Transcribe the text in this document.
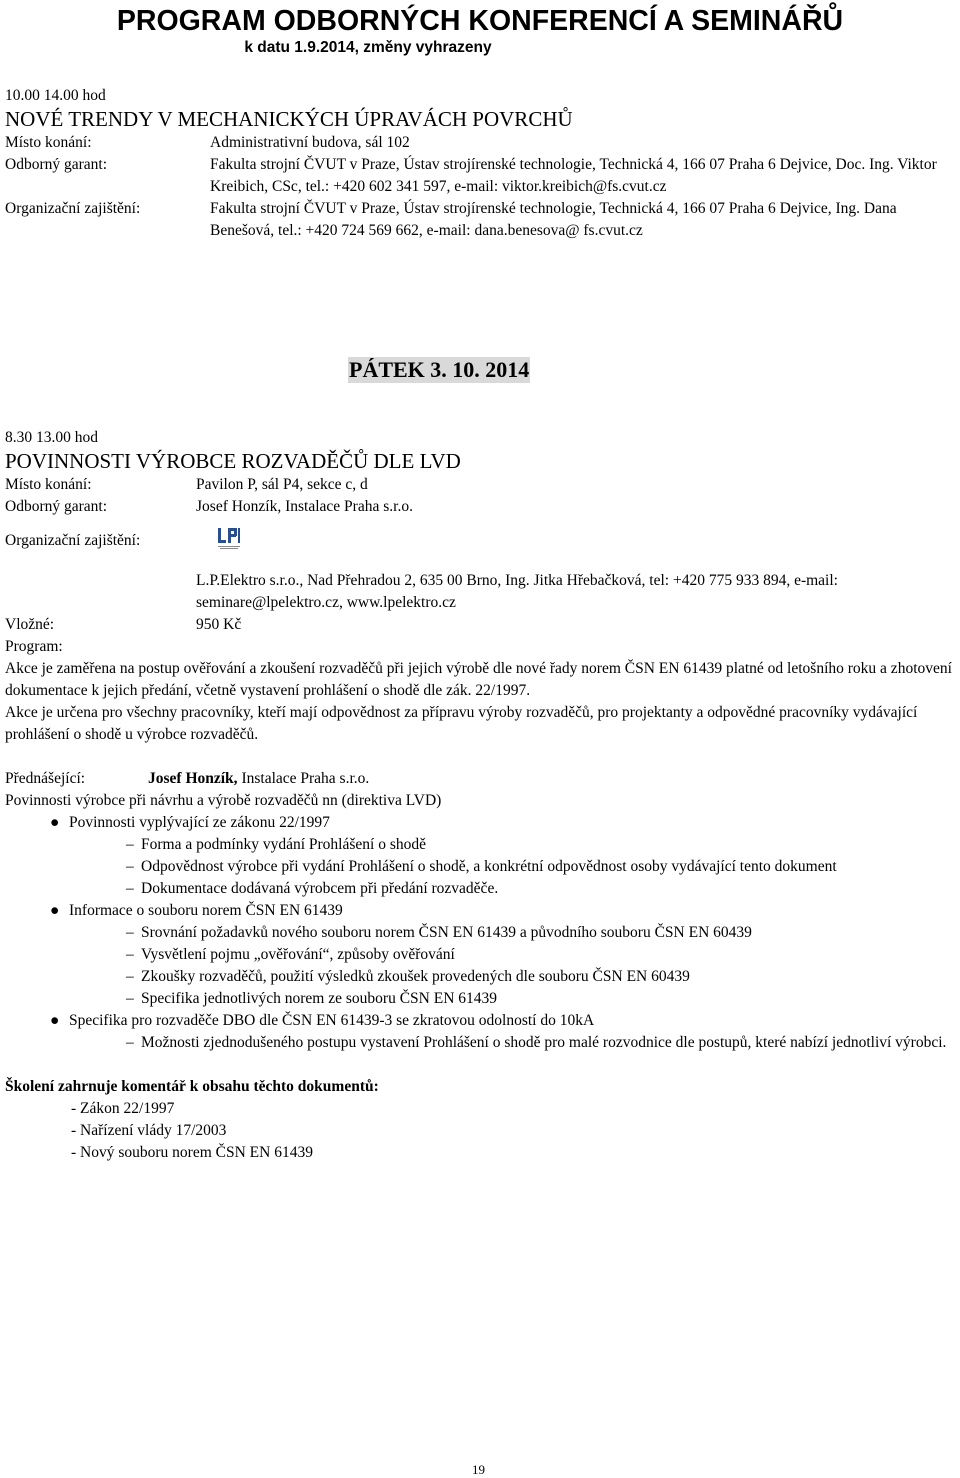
PROGRAM ODBORNÝCH KONFERENCÍ A SEMINÁŘŮ
k datu 1.9.2014, změny vyhrazeny
10.00 14.00 hod
NOVÉ TRENDY V MECHANICKÝCH ÚPRAVÁCH POVRCHŮ
Místo konání:	Administrativní budova, sál 102
Odborný garant:	Fakulta strojní ČVUT v Praze, Ústav strojírenské technologie, Technická 4, 166 07 Praha 6 Dejvice, Doc. Ing. Viktor Kreibich, CSc, tel.: +420 602 341 597, e-mail: viktor.kreibich@fs.cvut.cz
Organizační zajištění:	Fakulta strojní ČVUT v Praze, Ústav strojírenské technologie, Technická 4, 166 07 Praha 6 Dejvice, Ing. Dana Benešová, tel.: +420 724 569 662, e-mail: dana.benesova@ fs.cvut.cz
PÁTEK 3. 10. 2014
8.30 13.00 hod
POVINNOSTI VÝROBCE ROZVADĚČŮ DLE LVD
Místo konání:	Pavilon P, sál P4, sekce c, d
Odborný garant:	Josef Honzík, Instalace Praha s.r.o.
Organizační zajištění:
L.P.Elektro s.r.o., Nad Přehradou 2, 635 00 Brno, Ing. Jitka Hřebačková, tel: +420 775 933 894, e-mail: seminare@lpelektro.cz, www.lpelektro.cz
Vložné:	950 Kč
Program:

Akce je zaměřena na postup ověřování a zkoušení rozvaděčů při jejich výrobě dle nové řady norem ČSN EN 61439 platné od letošního roku a zhotovení dokumentace k jejich předání, včetně vystavení prohlášení o shodě dle zák. 22/1997.

Akce je určena pro všechny pracovníky, kteří mají odpovědnost za přípravu výroby rozvaděčů, pro projektanty a odpovědné pracovníky vydávající prohlášení o shodě u výrobce rozvaděčů.

Přednášející:	Josef Honzík, Instalace Praha s.r.o.
Povinnosti výrobce při návrhu a výrobě rozvaděčů nn (direktiva LVD)
● Povinnosti vyplývající ze zákonu 22/1997
– Forma a podmínky vydání Prohlášení o shodě
– Odpovědnost výrobce při vydání Prohlášení o shodě, a konkrétní odpovědnost osoby vydávající tento dokument
– Dokumentace dodávaná výrobcem při předání rozvaděče.
● Informace o souboru norem ČSN EN 61439
– Srovnání požadavků nového souboru norem ČSN EN 61439 a původního souboru ČSN EN 60439
– Vysvětlení pojmu „ověřování“, způsoby ověřování
– Zkoušky rozvaděčů, použití výsledků zkoušek provedených dle souboru ČSN EN 60439
– Specifika jednotlivých norem ze souboru ČSN EN 61439
● Specifika pro rozvaděče DBO dle ČSN EN 61439-3 se zkratovou odolností do 10kA
– Možnosti zjednodušeného postupu vystavení Prohlášení o shodě pro malé rozvodnice dle postupů, které nabízí jednotliví výrobci.
Školení zahrnuje komentář k obsahu těchto dokumentů:
- Zákon 22/1997
- Nařízení vlády 17/2003
- Nový souboru norem ČSN EN 61439
19
